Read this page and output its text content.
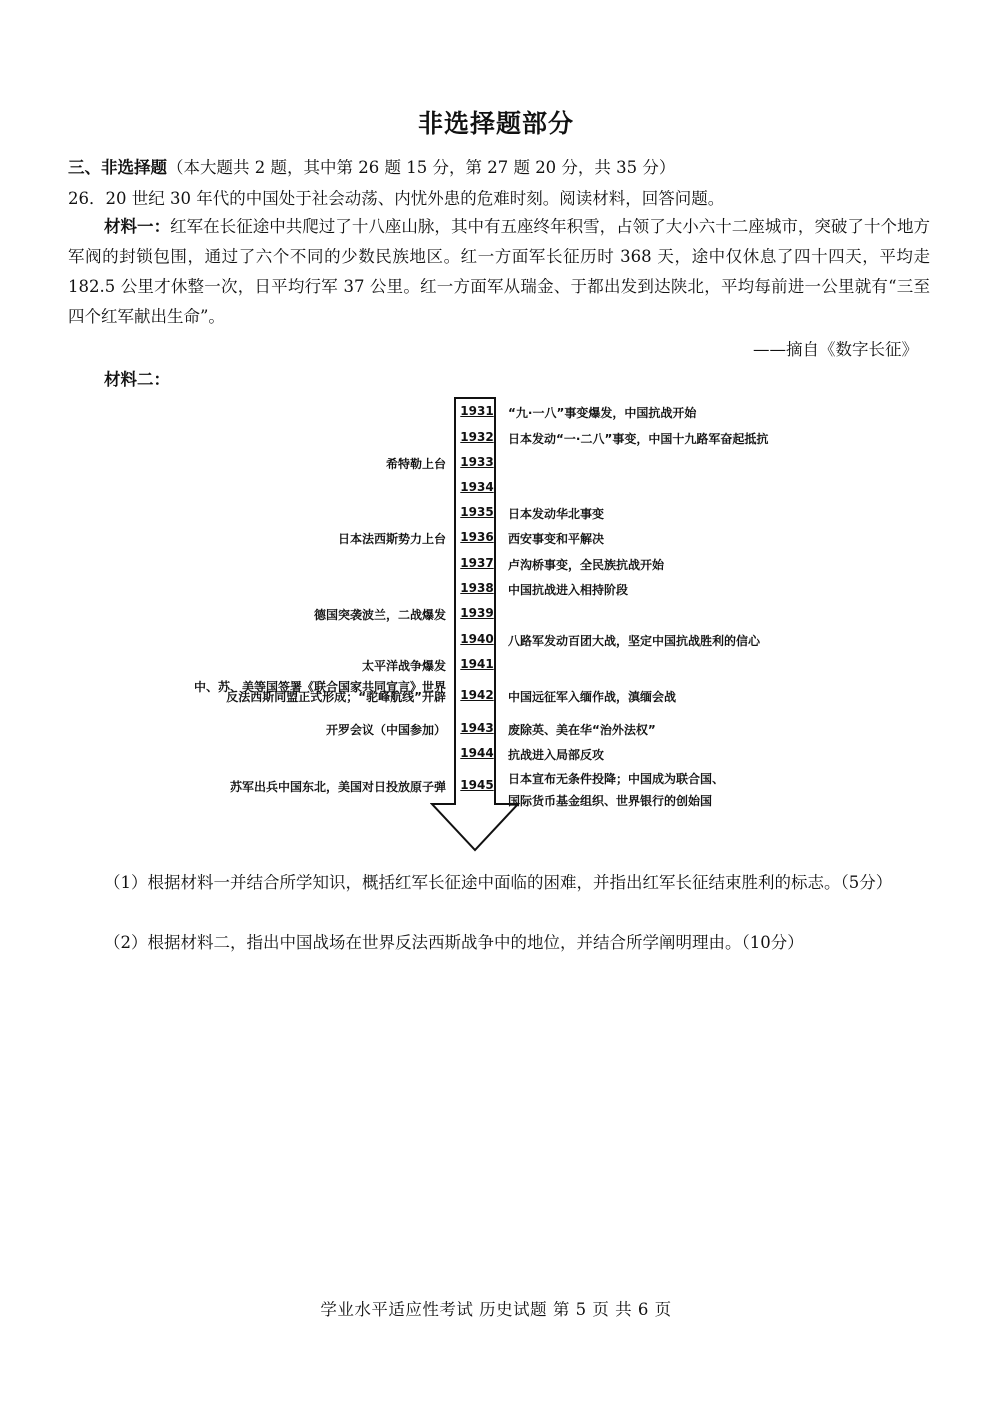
非选择题部分
三、非选择题（本大题共 2 题，其中第 26 题 15 分，第 27 题 20 分，共 35 分）
26．20 世纪 30 年代的中国处于社会动荡、内忧外患的危难时刻。阅读材料，回答问题。
材料一：红军在长征途中共爬过了十八座山脉，其中有五座终年积雪，占领了大小六十二座城市，突破了十个地方军阀的封锁包围，通过了六个不同的少数民族地区。红一方面军长征历时 368 天，途中仅休息了四十四天，平均走 182.5 公里才休整一次，日平均行军 37 公里。红一方面军从瑞金、于都出发到达陕北，平均每前进一公里就有“三至四个红军献出生命”。
——摘自《数字长征》
材料二：
1931 “九·一八”事变爆发，中国抗战开始
1932 日本发动“一·二八”事变，中国十九路军奋起抵抗
1933
希特勒上台
1934
1935 日本发动华北事变
1936 西安事变和平解决
日本法西斯势力上台
1937 卢沟桥事变，全民族抗战开始
1938 中国抗战进入相持阶段
1939
德国突袭波兰，二战爆发
1940 八路军发动百团大战，坚定中国抗战胜利的信心
1941
太平洋战争爆发
1942 中国远征军入缅作战，滇缅会战
反法西斯同盟正式形成；“驼峰航线”开辟
1943 废除英、美在华“治外法权”
开罗会议（中国参加）
1944 抗战进入局部反攻
1945 日本宣布无条件投降；中国成为联合国、
苏军出兵中国东北，美国对日投放原子弹
国际货币基金组织、世界银行的创始国
中、苏、美等国签署《联合国家共同宣言》世界
（1）根据材料一并结合所学知识，概括红军长征途中面临的困难，并指出红军长征结束胜利的标志。（5分）
（2）根据材料二，指出中国战场在世界反法西斯战争中的地位，并结合所学阐明理由。（10分）
学业水平适应性考试 历史试题 第 5 页 共 6 页
